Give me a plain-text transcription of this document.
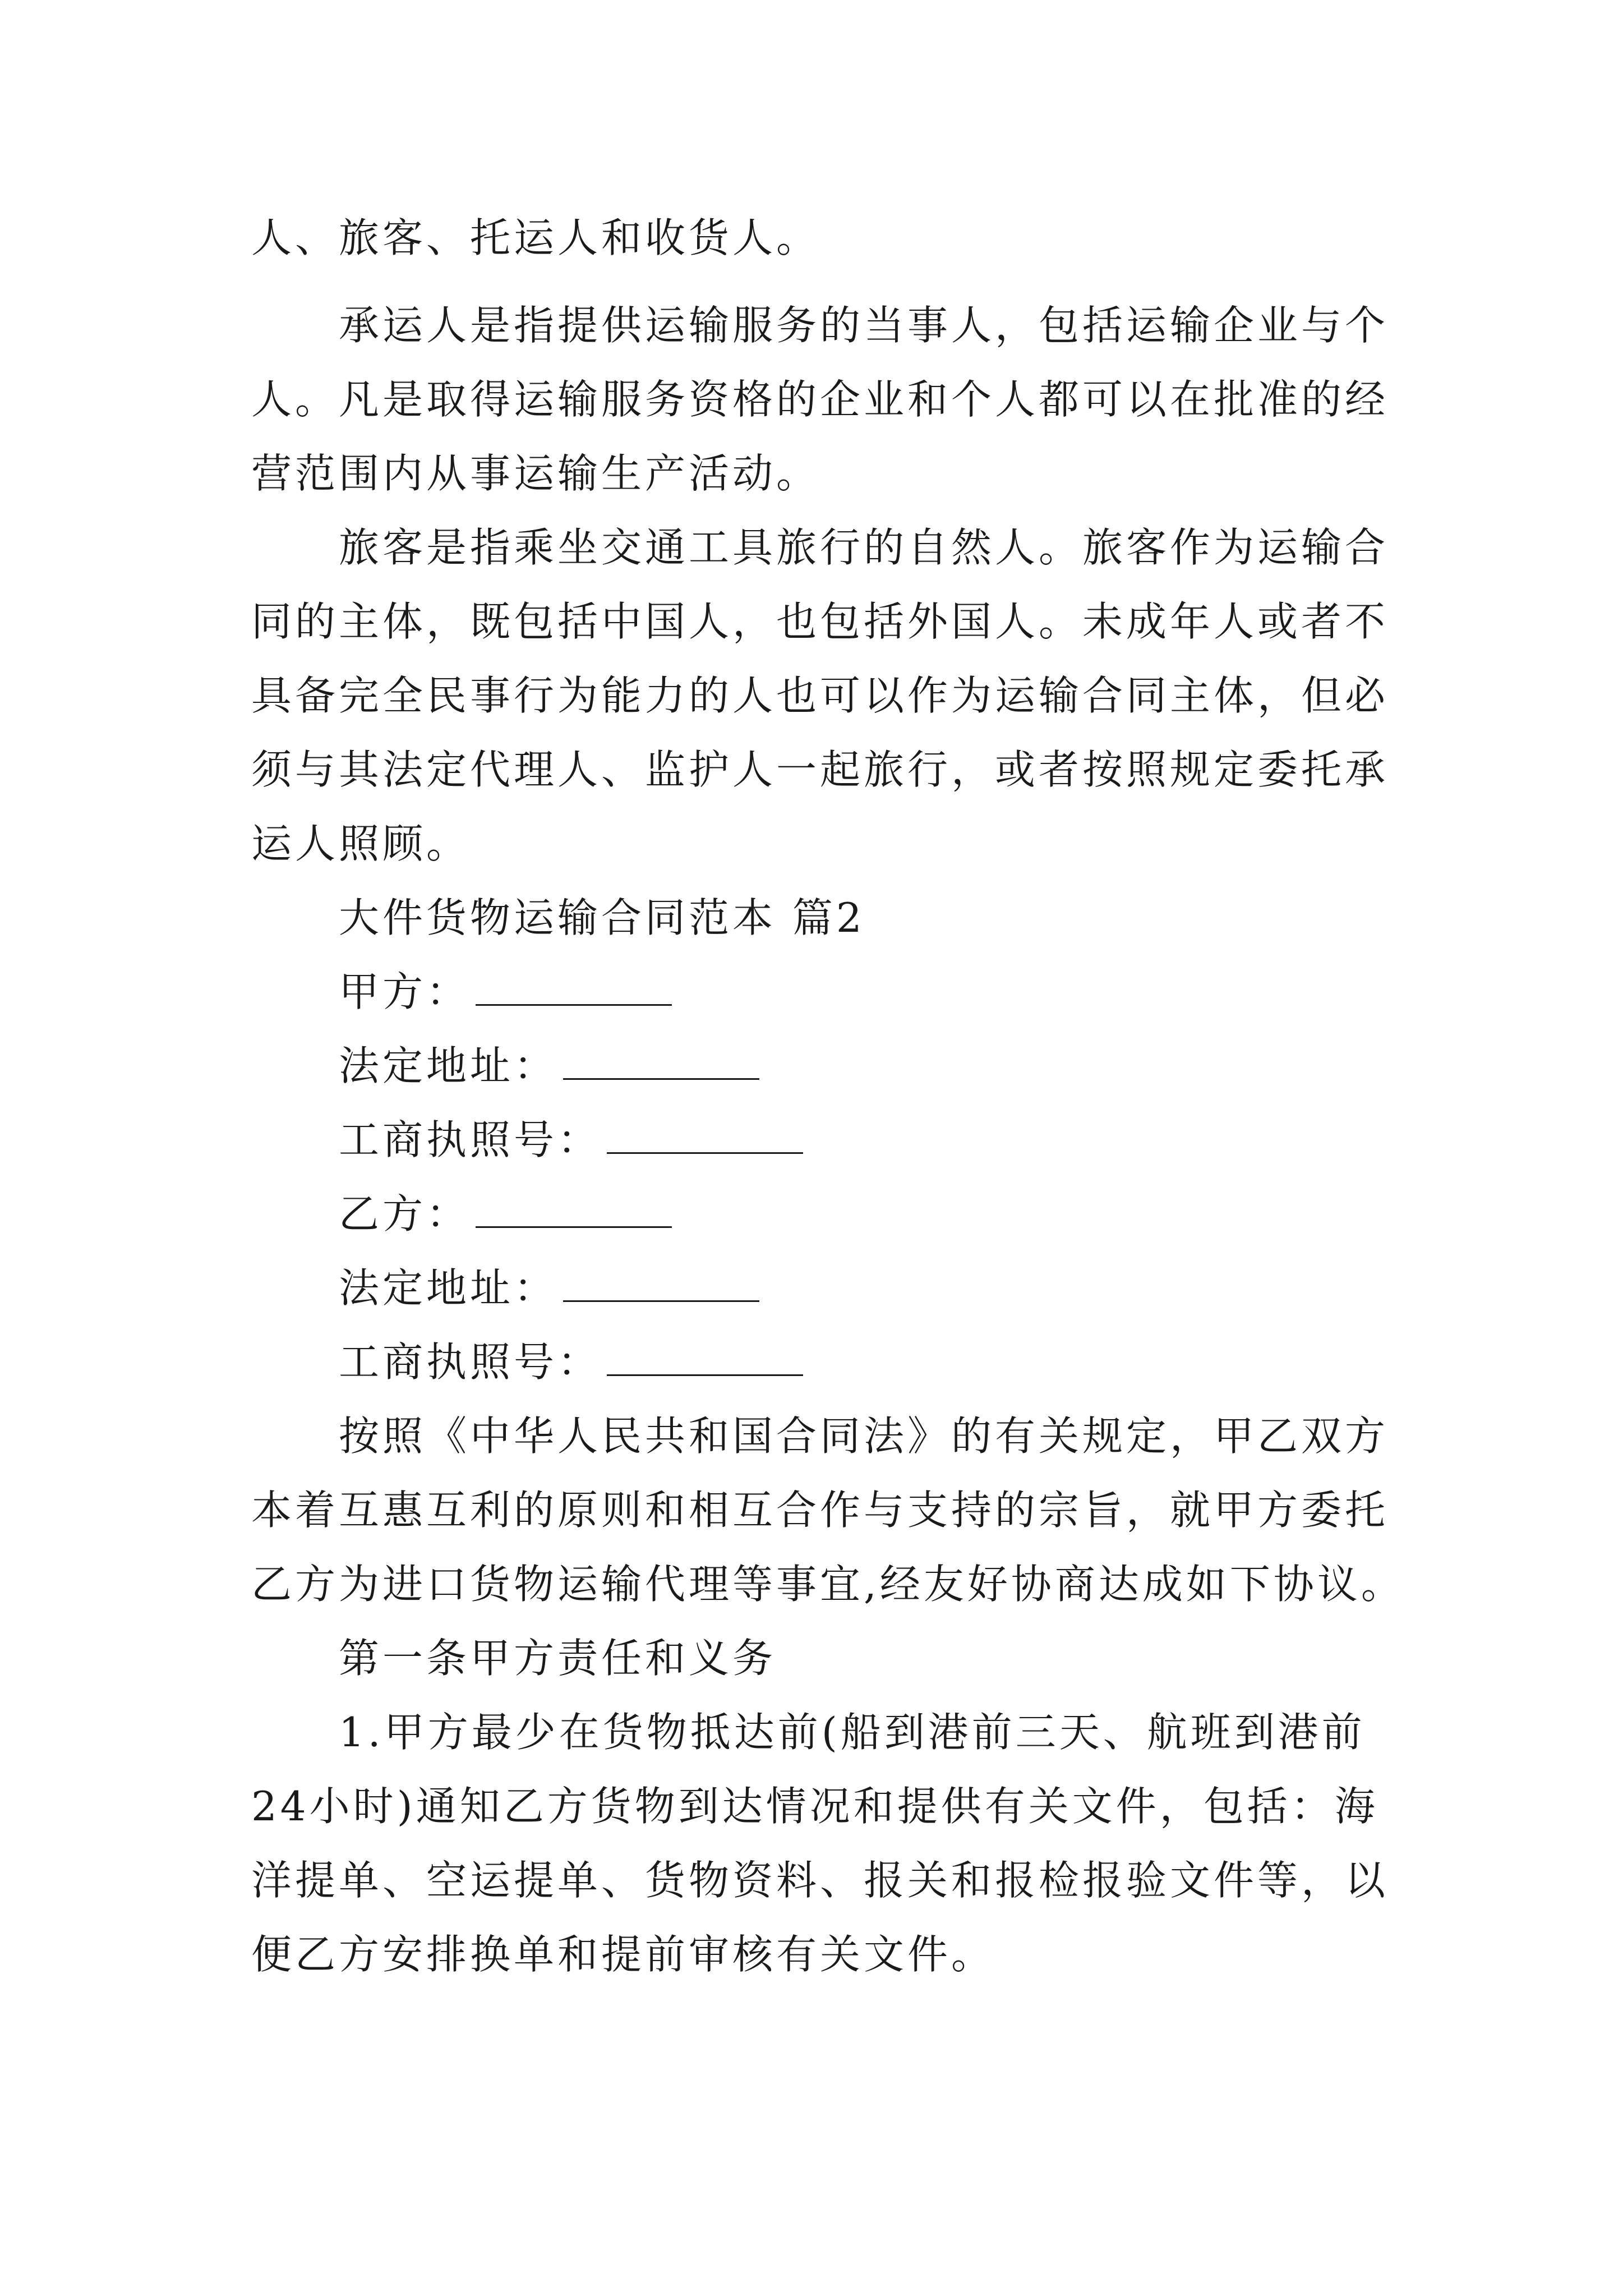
人、旅客、托运人和收货人。
承运人是指提供运输服务的当事人，包括运输企业与个
人。凡是取得运输服务资格的企业和个人都可以在批准的经
营范围内从事运输生产活动。
旅客是指乘坐交通工具旅行的自然人。旅客作为运输合
同的主体，既包括中国人，也包括外国人。未成年人或者不
具备完全民事行为能力的人也可以作为运输合同主体，但必
须与其法定代理人、监护人一起旅行，或者按照规定委托承
运人照顾。
大件货物运输合同范本 篇2
甲方：
法定地址：
工商执照号：
乙方：
法定地址：
工商执照号：
按照《中华人民共和国合同法》的有关规定，甲乙双方
本着互惠互利的原则和相互合作与支持的宗旨，就甲方委托
乙方为进口货物运输代理等事宜,经友好协商达成如下协议。
第一条甲方责任和义务
1.甲方最少在货物抵达前(船到港前三天、航班到港前
24小时)通知乙方货物到达情况和提供有关文件，包括：海
洋提单、空运提单、货物资料、报关和报检报验文件等，以
便乙方安排换单和提前审核有关文件。
